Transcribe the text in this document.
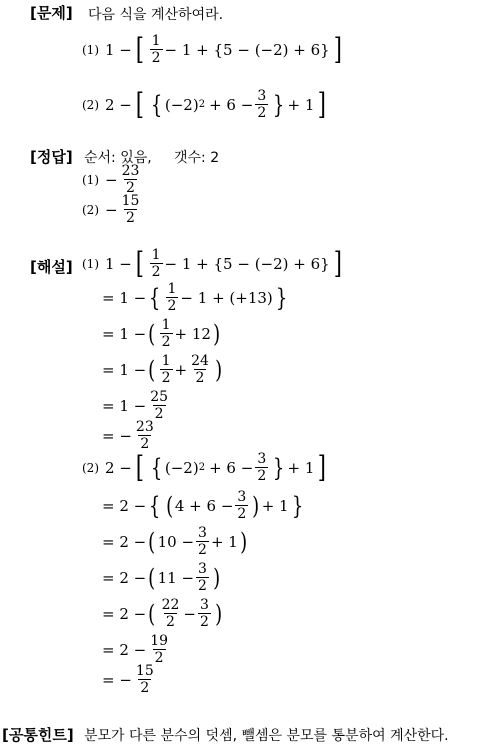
[문제] 다음 식을 계산하여라.
(1) 1 − [ $\frac{1}{2} - 1 + \{5 - (-2) + 6\}$ ]
(2) 2 − [ { (−2) $2 + 6 - \frac{3}{2}$ } + 1 ]
[정답] 순서: 있음, 갯수: 2
$(1) - \frac{23}{2}$
$(2) - \frac{15}{2}$
[해설] (1) 1 − [ $\frac{1}{2} - 1 + \{5 - (-2) + 6\}$ ]
= 1 − { $\frac{1}{2} - 1 + (+13)$ }
= 1 − ( $\frac{1}{2} + 12$ )
= 1 − ( $\frac{1}{2} + \frac{24}{2}$ )
= $1 - \frac{25}{2}$
= − $\frac{23}{2}$
(2) 2 − [ { (−2) $2 + 6 - \frac{3}{2}$ } + 1 ]
= 2 − { ( $4 + 6 - \frac{3}{2}$ ) + 1 }
= 2 − ( $10 - \frac{3}{2} + 1$ )
= 2 − ( $11 - \frac{3}{2}$ )
= 2 − ( $\frac{22}{2} - \frac{3}{2}$ )
= $2 - \frac{19}{2}$
= − $\frac{15}{2}$
[공통힌트] 분모가 다른 분수의 덧셈, 뺄셈은 분모를 통분하여 계산한다.
